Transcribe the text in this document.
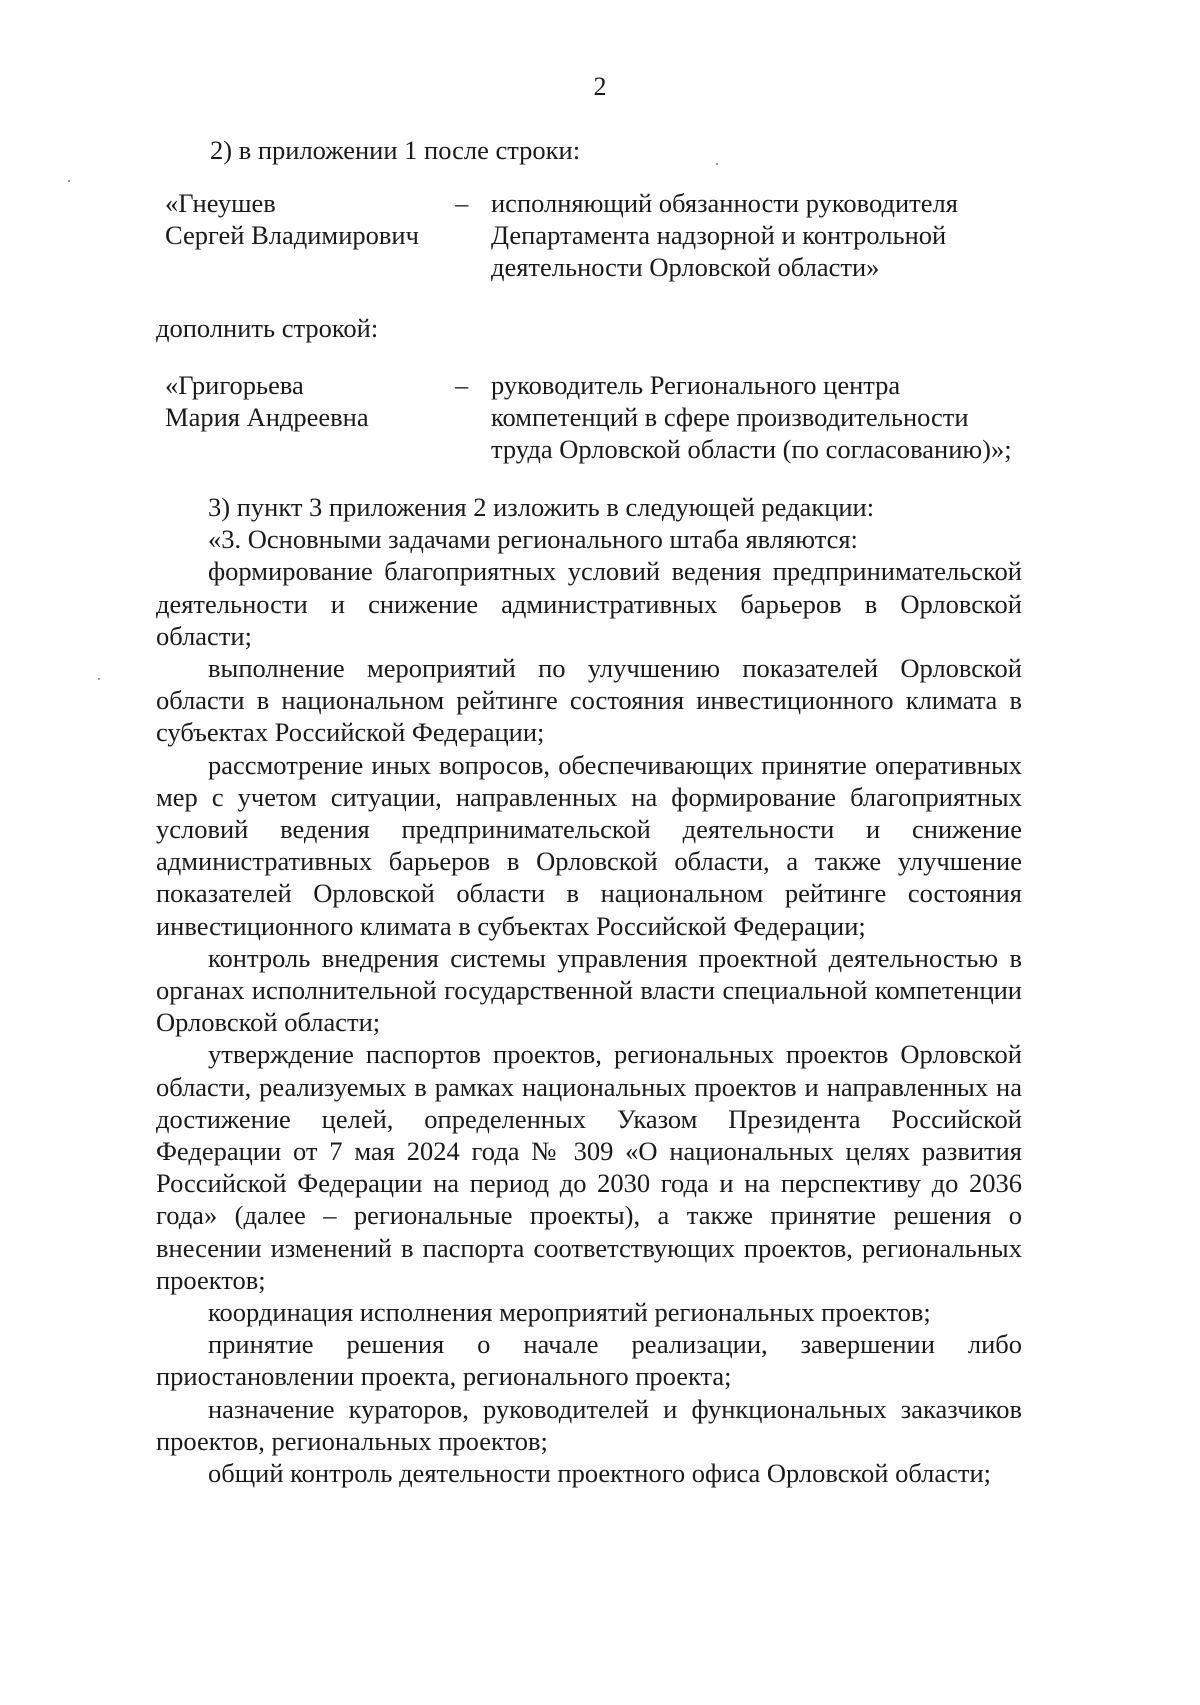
2
2) в приложении 1 после строки:
«Гнеушев
Сергей Владимирович
– исполняющий обязанности руководителя
Департамента надзорной и контрольной
деятельности Орловской области»
дополнить строкой:
«Григорьева
Мария Андреевна
– руководитель Регионального центра
компетенций в сфере производительности
труда Орловской области (по согласованию)»;

3) пункт 3 приложения 2 изложить в следующей редакции:

«3. Основными задачами регионального штаба являются:

формирование благоприятных условий ведения предпринимательской деятельности и снижение административных барьеров в Орловской области;

выполнение мероприятий по улучшению показателей Орловской области в национальном рейтинге состояния инвестиционного климата в субъектах Российской Федерации;

рассмотрение иных вопросов, обеспечивающих принятие оперативных мер с учетом ситуации, направленных на формирование благоприятных условий ведения предпринимательской деятельности и снижение административных барьеров в Орловской области, а также улучшение показателей Орловской области в национальном рейтинге состояния инвестиционного климата в субъектах Российской Федерации;

контроль внедрения системы управления проектной деятельностью в органах исполнительной государственной власти специальной компетенции Орловской области;

утверждение паспортов проектов, региональных проектов Орловской области, реализуемых в рамках национальных проектов и направленных на достижение целей, определенных Указом Президента Российской Федерации от 7 мая 2024 года № 309 «О национальных целях развития Российской Федерации на период до 2030 года и на перспективу до 2036 года» (далее – региональные проекты), а также принятие решения о внесении изменений в паспорта соответствующих проектов, региональных проектов;

координация исполнения мероприятий региональных проектов;

принятие решения о начале реализации, завершении либо приостановлении проекта, регионального проекта;

назначение кураторов, руководителей и функциональных заказчиков проектов, региональных проектов;

общий контроль деятельности проектного офиса Орловской области;
